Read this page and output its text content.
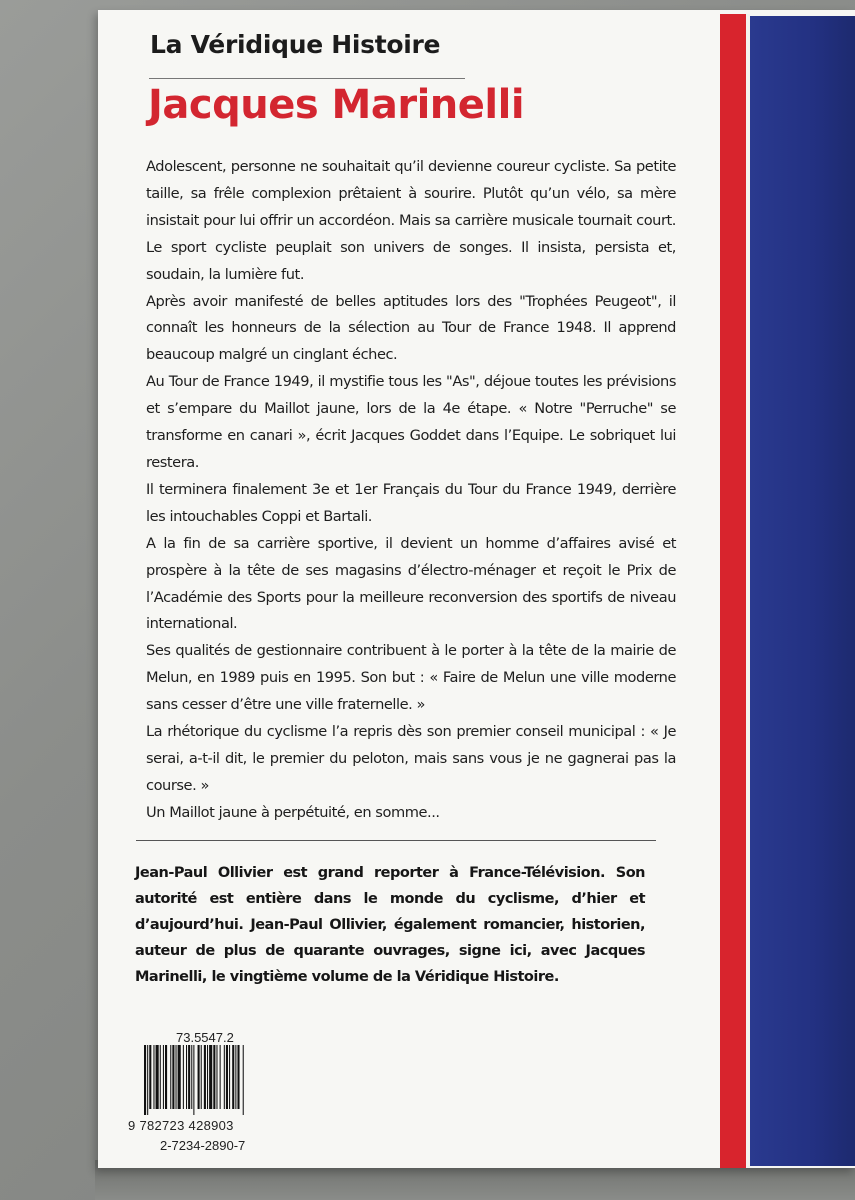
La Véridique Histoire
Jacques Marinelli

Adolescent, personne ne souhaitait qu’il devienne coureur cycliste. Sa petite taille, sa frêle complexion prêtaient à sourire. Plutôt qu’un vélo, sa mère insistait pour lui offrir un accordéon. Mais sa carrière musicale tournait court. Le sport cycliste peuplait son univers de songes. Il insista, persista et, soudain, la lumière fut.

Après avoir manifesté de belles aptitudes lors des "Trophées Peugeot", il connaît les honneurs de la sélection au Tour de France 1948. Il apprend beaucoup malgré un cinglant échec.

Au Tour de France 1949, il mystifie tous les "As", déjoue toutes les prévisions et s’empare du Maillot jaune, lors de la 4e étape. « Notre "Perruche" se transforme en canari », écrit Jacques Goddet dans l’Equipe. Le sobriquet lui restera.

Il terminera finalement 3e et 1er Français du Tour du France 1949, derrière les intouchables Coppi et Bartali.

A la fin de sa carrière sportive, il devient un homme d’affaires avisé et prospère à la tête de ses magasins d’électro-ménager et reçoit le Prix de l’Académie des Sports pour la meilleure reconversion des sportifs de niveau international.

Ses qualités de gestionnaire contribuent à le porter à la tête de la mairie de Melun, en 1989 puis en 1995. Son but : « Faire de Melun une ville moderne sans cesser d’être une ville fraternelle. »

La rhétorique du cyclisme l’a repris dès son premier conseil municipal : « Je serai, a-t-il dit, le premier du peloton, mais sans vous je ne gagnerai pas la course. »

Un Maillot jaune à perpétuité, en somme...

Jean-Paul Ollivier est grand reporter à France-Télévision. Son autorité est entière dans le monde du cyclisme, d’hier et d’aujourd’hui. Jean-Paul Ollivier, également romancier, historien, auteur de plus de quarante ouvrages, signe ici, avec Jacques Marinelli, le vingtième volume de la Véridique Histoire.

73.5547.2
9 782723 428903
2-7234-2890-7
